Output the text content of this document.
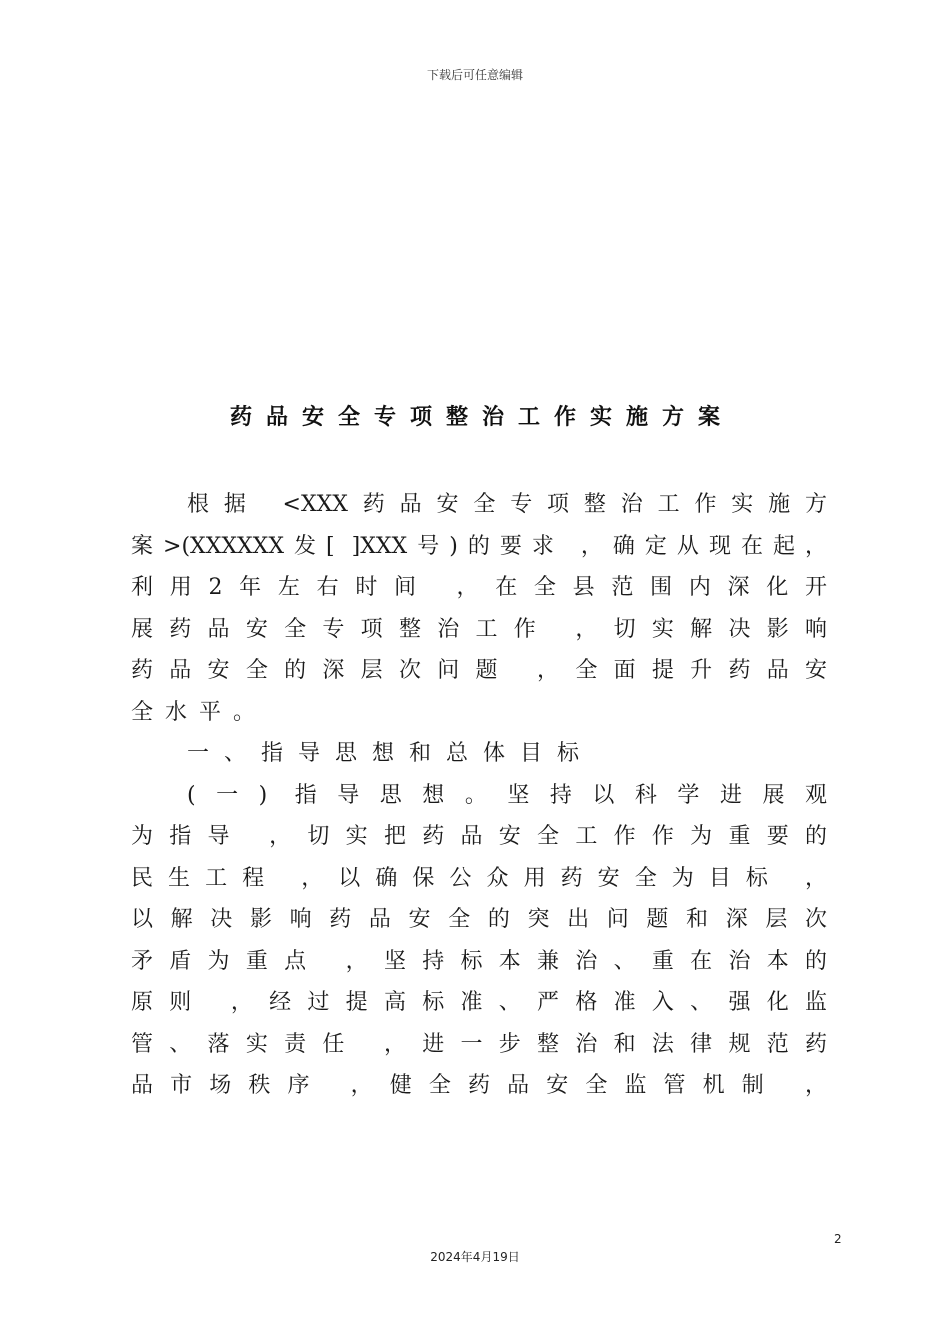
下载后可任意编辑
药品安全专项整治工作实施方案
根据 <XXX药品安全专项整治工作实施方
案>(XXXXXX发[ ]XXX号)的要求 ，确定从现在起，
利用2年左右时间 ，在全县范围内深化开
展药品安全专项整治工作 ，切实解决影响
药品安全的深层次问题 ，全面提升药品安
全水平。
一、指导思想和总体目标
(一) 指导思想。坚持以科学进展观
为指导 ，切实把药品安全工作作为重要的
民生工程 ，以确保公众用药安全为目标 ，
以解决影响药品安全的突出问题和深层次
矛盾为重点 ，坚持标本兼治、重在治本的
原则 ，经过提高标准、严格准入、强化监
管、落实责任 ，进一步整治和法律规范药
品市场秩序 ，健全药品安全监管机制 ，
2
2024年4月19日
